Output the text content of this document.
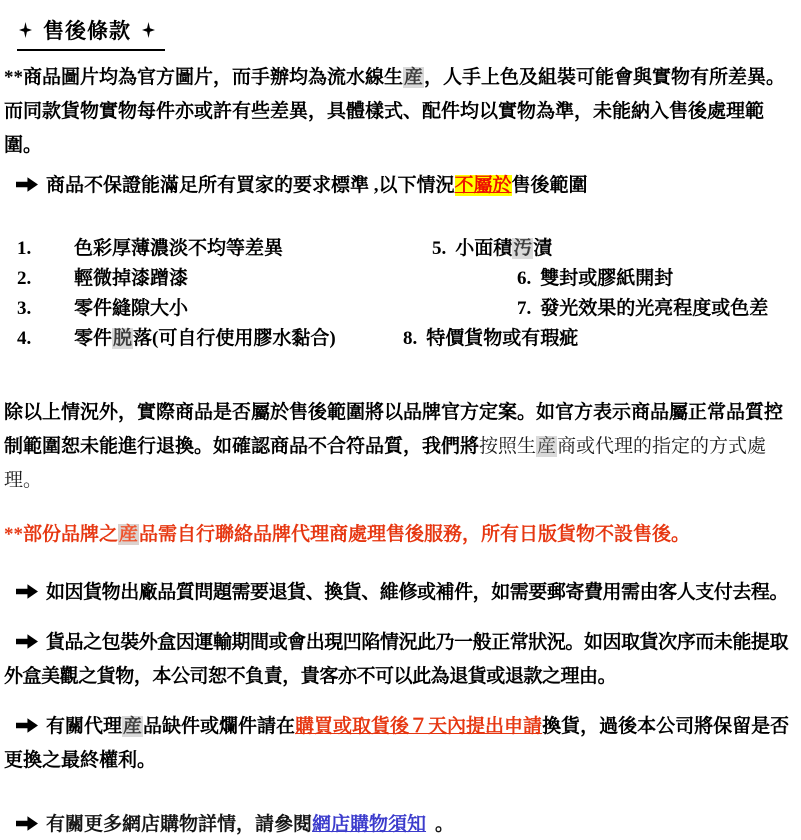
售後條款

**商品圖片均為官方圖片，而手辦均為流水線生産，人手上色及組裝可能會與實物有所差異。而同款貨物實物每件亦或許有些差異，具體樣式、配件均以實物為準，未能納入售後處理範圍。

商品不保證能滿足所有買家的要求標準 ,以下情況不屬於售後範圍

1. 色彩厚薄濃淡不均等差異	5. 小面積汚漬
2. 輕微掉漆蹭漆	6. 雙封或膠紙開封
3. 零件縫隙大小	7. 發光效果的光亮程度或色差
4. 零件脱落(可自行使用膠水黏合)	8. 特價貨物或有瑕疵

除以上情況外，實際商品是否屬於售後範圍將以品牌官方定案。如官方表示商品屬正常品質控制範圍恕未能進行退換。如確認商品不合符品質，我們將按照生産商或代理的指定的方式處理。

**部份品牌之産品需自行聯絡品牌代理商處理售後服務，所有日版貨物不設售後。

如因貨物出廠品質問題需要退貨、換貨、維修或補件，如需要郵寄費用需由客人支付去程。

貨品之包裝外盒因運輸期間或會出現凹陷情況此乃一般正常狀況。如因取貨次序而未能提取外盒美觀之貨物，本公司恕不負責，貴客亦不可以此為退貨或退款之理由。

有關代理産品缺件或爛件請在購買或取貨後７天內提出申請換貨，過後本公司將保留是否更換之最終權利。

有關更多網店購物詳情，請參閱網店購物須知 。
